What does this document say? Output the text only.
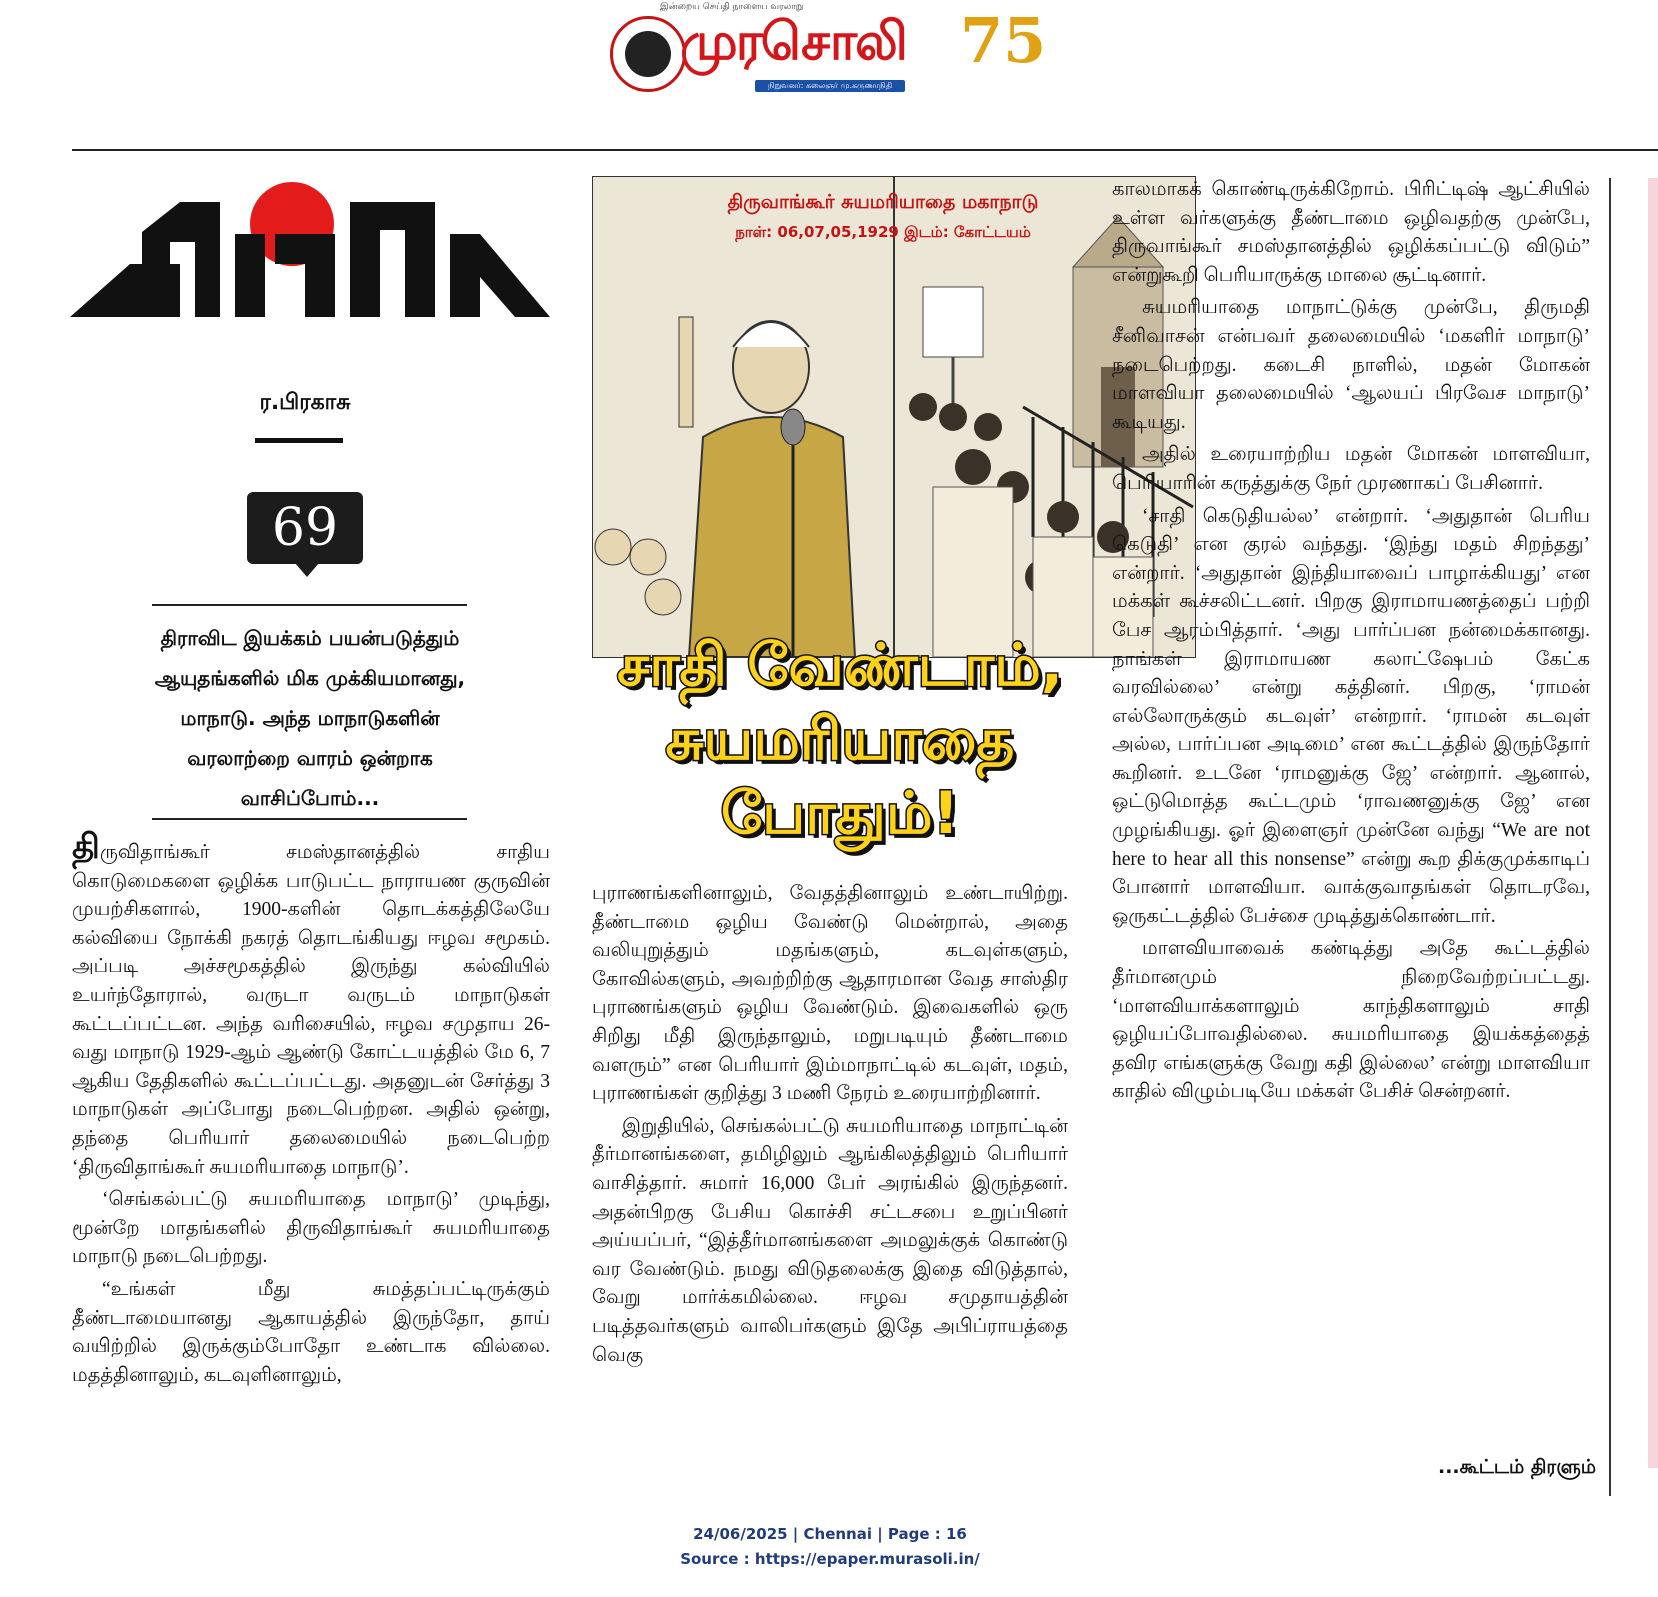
இன்றைய செய்தி நாளைய வரலாறு
முரசொலி
நிறுவனர்: கலைஞர் மு.கருணாநிதி
75
ர.பிரகாசு
69
திராவிட இயக்கம் பயன்படுத்தும் ஆயுதங்களில் மிக முக்கியமானது, மாநாடு. அந்த மாநாடுகளின் வரலாற்றை வாரம் ஒன்றாக வாசிப்போம்...

திருவிதாங்கூர் சமஸ்தானத்தில் சாதிய கொடுமைகளை ஒழிக்க பாடுபட்ட நாராயண குருவின் முயற்சிகளால், 1900-களின் தொடக்கத்திலேயே கல்வியை நோக்கி நகரத் தொடங்கியது ஈழவ சமூகம். அப்படி அச்சமூகத்தில் இருந்து கல்வியில் உயர்ந்தோரால், வருடா வருடம் மாநாடுகள் கூட்டப்பட்டன. அந்த வரிசையில், ஈழவ சமுதாய 26-வது மாநாடு 1929-ஆம் ஆண்டு கோட்டயத்தில் மே 6, 7 ஆகிய தேதிகளில் கூட்டப்பட்டது. அதனுடன் சேர்த்து 3 மாநாடுகள் அப்போது நடைபெற்றன. அதில் ஒன்று, தந்தை பெரியார் தலைமையில் நடைபெற்ற ‘திருவிதாங்கூர் சுயமரியாதை மாநாடு’.

‘செங்கல்பட்டு சுயமரியாதை மாநாடு’ முடிந்து, மூன்றே மாதங்களில் திருவிதாங்கூர் சுயமரியாதை மாநாடு நடைபெற்றது.

“உங்கள் மீது சுமத்தப்பட்டிருக்கும் தீண்டாமையானது ஆகாயத்தில் இருந்தோ, தாய் வயிற்றில் இருக்கும்போதோ உண்டாக வில்லை. மதத்தினாலும், கடவுளினாலும்,

திருவாங்கூர் சுயமரியாதை மகாநாடு
நாள்: 06,07,05,1929 இடம்: கோட்டயம்
சாதி வேண்டாம்,
சுயமரியாதை
போதும்!

புராணங்களினாலும், வேதத்தினாலும் உண்டாயிற்று. தீண்டாமை ஒழிய வேண்டு மென்றால், அதை வலியுறுத்தும் மதங்களும், கடவுள்களும், கோவில்களும், அவற்றிற்கு ஆதாரமான வேத சாஸ்திர புராணங்களும் ஒழிய வேண்டும். இவைகளில் ஒரு சிறிது மீதி இருந்தாலும், மறுபடியும் தீண்டாமை வளரும்” என பெரியார் இம்மாநாட்டில் கடவுள், மதம், புராணங்கள் குறித்து 3 மணி நேரம் உரையாற்றினார்.

இறுதியில், செங்கல்பட்டு சுயமரியாதை மாநாட்டின் தீர்மானங்களை, தமிழிலும் ஆங்கிலத்திலும் பெரியார் வாசித்தார். சுமார் 16,000 பேர் அரங்கில் இருந்தனர். அதன்பிறகு பேசிய கொச்சி சட்டசபை உறுப்பினர் அய்யப்பர், “இத்தீர்மானங்களை அமலுக்குக் கொண்டு வர வேண்டும். நமது விடுதலைக்கு இதை விடுத்தால், வேறு மார்க்கமில்லை. ஈழவ சமுதாயத்தின் படித்தவர்களும் வாலிபர்களும் இதே அபிப்ராயத்தை வெகு

காலமாகக் கொண்டிருக்கிறோம். பிரிட்டிஷ் ஆட்சியில் உள்ள வர்களுக்கு தீண்டாமை ஒழிவதற்கு முன்பே, திருவாங்கூர் சமஸ்தானத்தில் ஒழிக்கப்பட்டு விடும்” என்றுகூறி பெரியாருக்கு மாலை சூட்டினார்.

சுயமரியாதை மாநாட்டுக்கு முன்பே, திருமதி சீனிவாசன் என்பவர் தலைமையில் ‘மகளிர் மாநாடு’ நடைபெற்றது. கடைசி நாளில், மதன் மோகன் மாளவியா தலைமையில் ‘ஆலயப் பிரவேச மாநாடு’ கூடியது.

அதில் உரையாற்றிய மதன் மோகன் மாளவியா, பெரியாரின் கருத்துக்கு நேர் முரணாகப் பேசினார்.

‘சாதி கெடுதியல்ல’ என்றார். ‘அதுதான் பெரிய கெடுதி’ என குரல் வந்தது. ‘இந்து மதம் சிறந்தது’ என்றார். ‘அதுதான் இந்தியாவைப் பாழாக்கியது’ என மக்கள் கூச்சலிட்டனர். பிறகு இராமாயணத்தைப் பற்றி பேச ஆரம்பித்தார். ‘அது பார்ப்பன நன்மைக்கானது. நாங்கள் இராமாயண கலாட்ஷேபம் கேட்க வரவில்லை’ என்று கத்தினர். பிறகு, ‘ராமன் எல்லோருக்கும் கடவுள்’ என்றார். ‘ராமன் கடவுள் அல்ல, பார்ப்பன அடிமை’ என கூட்டத்தில் இருந்தோர் கூறினர். உடனே ‘ராமனுக்கு ஜே’ என்றார். ஆனால், ஒட்டுமொத்த கூட்டமும் ‘ராவணனுக்கு ஜே’ என முழங்கியது. ஓர் இளைஞர் முன்னே வந்து “We are not here to hear all this nonsense” என்று கூற திக்குமுக்காடிப் போனார் மாளவியா. வாக்குவாதங்கள் தொடரவே, ஒருகட்டத்தில் பேச்சை முடித்துக்கொண்டார்.

மாளவியாவைக் கண்டித்து அதே கூட்டத்தில் தீர்மானமும் நிறைவேற்றப்பட்டது. ‘மாளவியாக்களாலும் காந்திகளாலும் சாதி ஒழியப்போவதில்லை. சுயமரியாதை இயக்கத்தைத் தவிர எங்களுக்கு வேறு கதி இல்லை’ என்று மாளவியா காதில் விழும்படியே மக்கள் பேசிச் சென்றனர்.

...கூட்டம் திரளும்
24/06/2025 | Chennai | Page : 16
Source : https://epaper.murasoli.in/
